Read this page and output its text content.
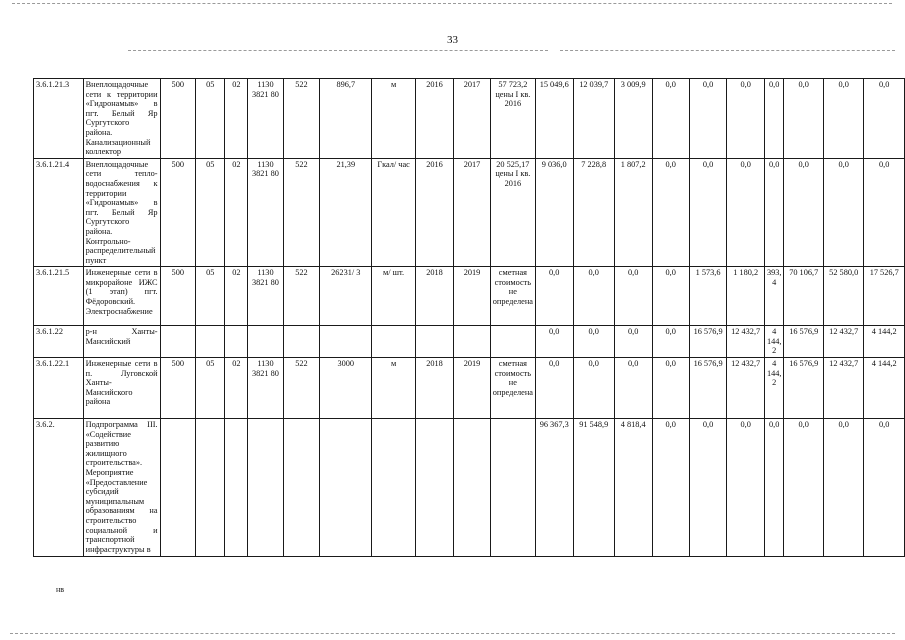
33
3.6.1.21.3	Внеплощадочные сети к территории «Гидронамыв» в пгт. Белый Яр Сургутского района. Канализационный коллектор	500	05	02	1130 3821 80	522	896,7	м	2016	2017	57 723,2 цены I кв. 2016	15 049,6	12 039,7	3 009,9	0,0	0,0	0,0	0,0	0,0	0,0	0,0
3.6.1.21.4	Внеплощадочные сети тепло-водоснабжения к территории «Гидронамыв» в пгт. Белый Яр Сургутского района. Контрольно-распределительный пункт	500	05	02	1130 3821 80	522	21,39	Гкал/ час	2016	2017	20 525,17 цены I кв. 2016	9 036,0	7 228,8	1 807,2	0,0	0,0	0,0	0,0	0,0	0,0	0,0
3.6.1.21.5	Инженерные сети в микрорайоне ИЖС (1 этап) пгт. Фёдоровский. Электроснабжение	500	05	02	1130 3821 80	522	26231/ 3	м/ шт.	2018	2019	сметная стоимость не определена	0,0	0,0	0,0	0,0	1 573,6	1 180,2	393, 4	70 106,7	52 580,0	17 526,7
3.6.1.22	р-н Ханты-Мансийский											0,0	0,0	0,0	0,0	16 576,9	12 432,7	4 144, 2	16 576,9	12 432,7	4 144,2
3.6.1.22.1	Инженерные сети в п. Луговской Ханты-Мансийского района	500	05	02	1130 3821 80	522	3000	м	2018	2019	сметная стоимость не определена	0,0	0,0	0,0	0,0	16 576,9	12 432,7	4 144, 2	16 576,9	12 432,7	4 144,2
3.6.2.	Подпрограмма III. «Содействие развитию жилищного строительства». Мероприятие «Предоставление субсидий муниципальным образованиям на строительство социальной и транспортной инфраструктуры в											96 367,3	91 548,9	4 818,4	0,0	0,0	0,0	0,0	0,0	0,0	0,0
нв
